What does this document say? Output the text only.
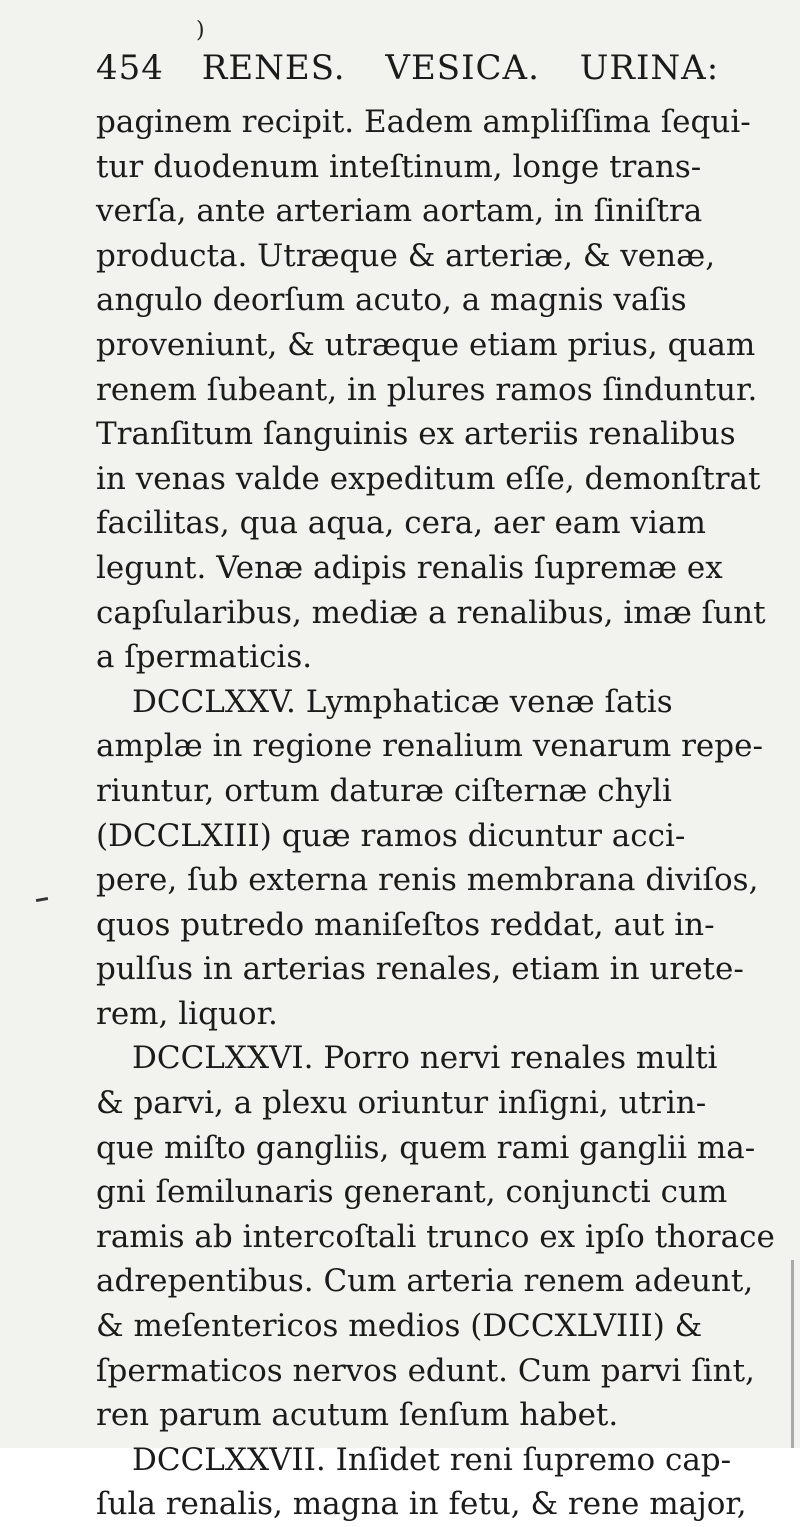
)
454 RENES. VESICA. URINA:
paginem recipit. Eadem ampliſſima ſequi-
tur duodenum inteſtinum, longe trans-
verſa, ante arteriam aortam, in ſiniſtra
producta. Utræque & arteriæ, & venæ,
angulo deorſum acuto, a magnis vaſis
proveniunt, & utræque etiam prius, quam
renem ſubeant, in plures ramos ſinduntur.
Tranſitum ſanguinis ex arteriis renalibus
in venas valde expeditum eſſe, demonſtrat
facilitas, qua aqua, cera, aer eam viam
legunt. Venæ adipis renalis ſupremæ ex
capſularibus, mediæ a renalibus, imæ ſunt
a ſpermaticis.
DCCLXXV. Lymphaticæ venæ ſatis
amplæ in regione renalium venarum repe-
riuntur, ortum daturæ ciſternæ chyli
(DCCLXIII) quæ ramos dicuntur acci-
pere, ſub externa renis membrana diviſos,
quos putredo maniſeſtos reddat, aut in-
pulſus in arterias renales, etiam in urete-
rem, liquor.
DCCLXXVI. Porro nervi renales multi
& parvi, a plexu oriuntur inſigni, utrin-
que miſto gangliis, quem rami ganglii ma-
gni ſemilunaris generant, conjuncti cum
ramis ab intercoſtali trunco ex ipſo thorace
adrepentibus. Cum arteria renem adeunt,
& meſentericos medios (DCCXLVIII) &
ſpermaticos nervos edunt. Cum parvi ſint,
ren parum acutum ſenſum habet.
DCCLXXVII. Inſidet reni ſupremo cap-
ſula renalis, magna in fetu, & rene major,
